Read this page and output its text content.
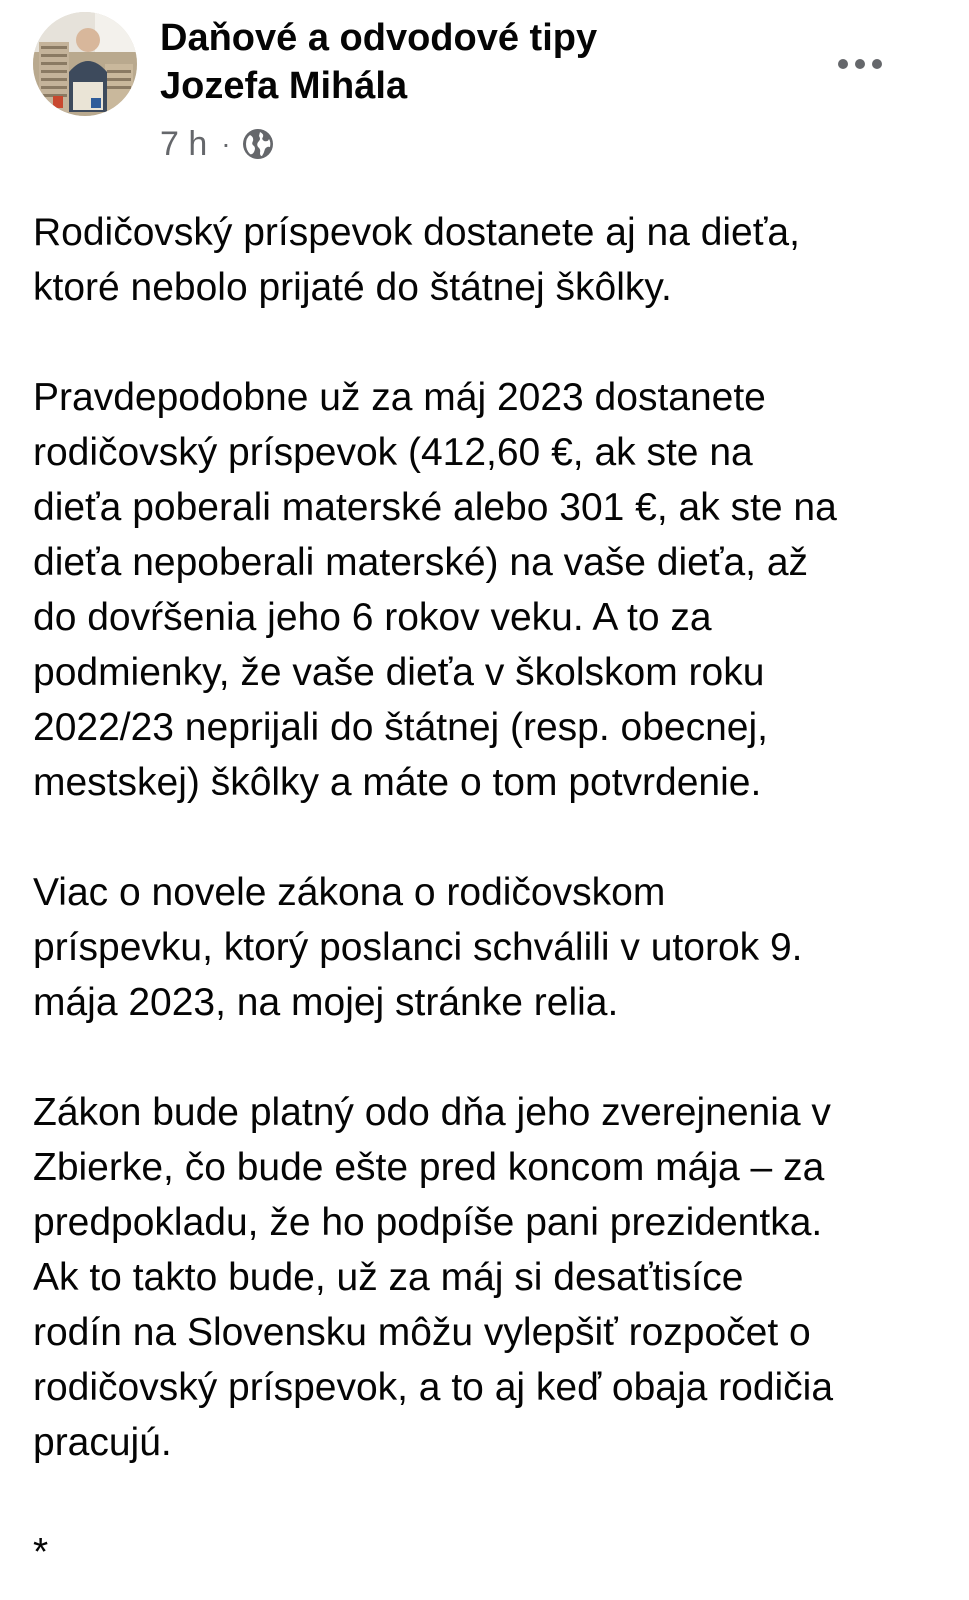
Daňové a odvodové tipy
Jozefa Mihála
7 h ·

Rodičovský príspevok dostanete aj na dieťa,
ktoré nebolo prijaté do štátnej škôlky.

Pravdepodobne už za máj 2023 dostanete
rodičovský príspevok (412,60 €, ak ste na
dieťa poberali materské alebo 301 €, ak ste na
dieťa nepoberali materské) na vaše dieťa, až
do dovŕšenia jeho 6 rokov veku. A to za
podmienky, že vaše dieťa v školskom roku
2022/23 neprijali do štátnej (resp. obecnej,
mestskej) škôlky a máte o tom potvrdenie.

Viac o novele zákona o rodičovskom
príspevku, ktorý poslanci schválili v utorok 9.
mája 2023, na mojej stránke relia.

Zákon bude platný odo dňa jeho zverejnenia v
Zbierke, čo bude ešte pred koncom mája – za
predpokladu, že ho podpíše pani prezidentka.
Ak to takto bude, už za máj si desaťtisíce
rodín na Slovensku môžu vylepšiť rozpočet o
rodičovský príspevok, a to aj keď obaja rodičia
pracujú.

*
